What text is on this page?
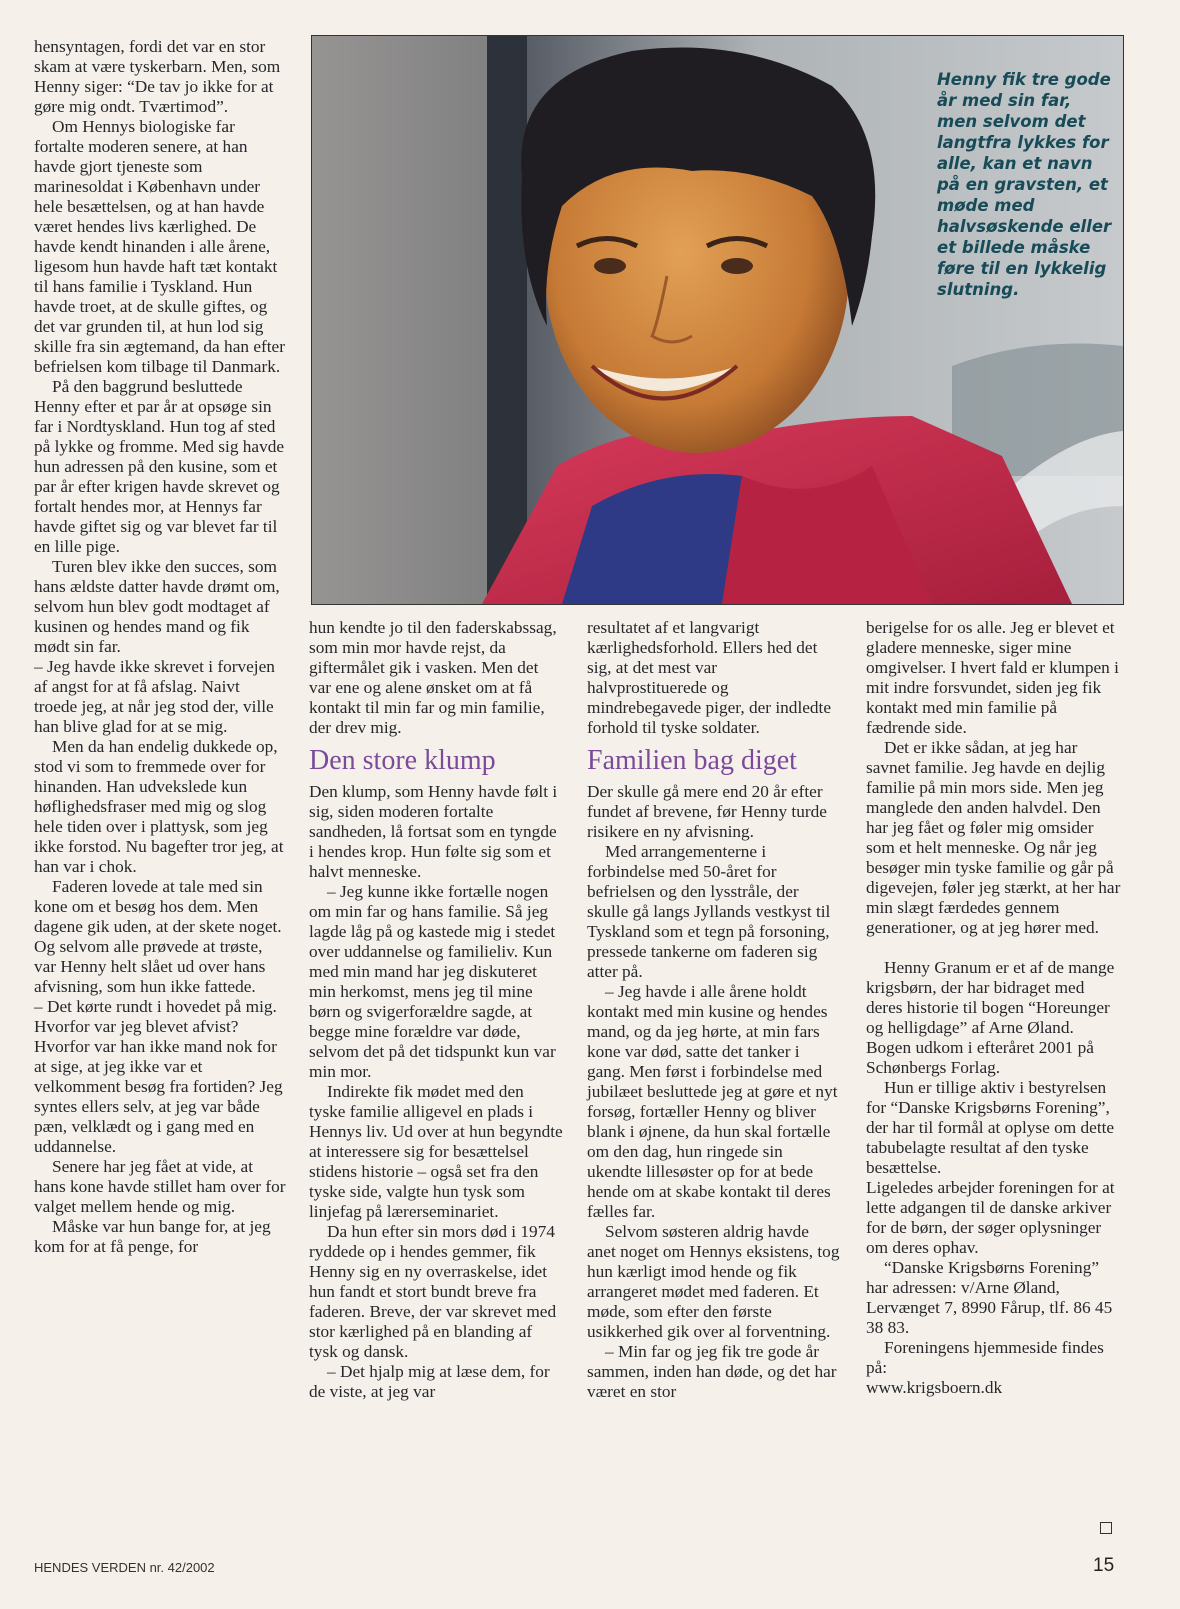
hensyntagen, fordi det var en stor skam at være tyskerbarn. Men, som Henny siger: “De tav jo ikke for at gøre mig ondt. Tværtimod”.

Om Hennys biologiske far fortalte moderen senere, at han havde gjort tjeneste som marinesoldat i København under hele besættelsen, og at han havde været hendes livs kærlighed. De havde kendt hinanden i alle årene, ligesom hun havde haft tæt kontakt til hans familie i Tyskland. Hun havde troet, at de skulle giftes, og det var grunden til, at hun lod sig skille fra sin ægtemand, da han efter befrielsen kom tilbage til Danmark.

På den baggrund besluttede Henny efter et par år at opsøge sin far i Nordtyskland. Hun tog af sted på lykke og fromme. Med sig havde hun adressen på den kusine, som et par år efter krigen havde skrevet og fortalt hendes mor, at Hennys far havde giftet sig og var blevet far til en lille pige.

Turen blev ikke den succes, som hans ældste datter havde drømt om, selvom hun blev godt modtaget af kusinen og hendes mand og fik mødt sin far.

– Jeg havde ikke skrevet i forvejen af angst for at få afslag. Naivt troede jeg, at når jeg stod der, ville han blive glad for at se mig.

Men da han endelig dukkede op, stod vi som to fremmede over for hinanden. Han udvekslede kun høflighedsfraser med mig og slog hele tiden over i plattysk, som jeg ikke forstod. Nu bagefter tror jeg, at han var i chok.

Faderen lovede at tale med sin kone om et besøg hos dem. Men dagene gik uden, at der skete noget. Og selvom alle prøvede at trøste, var Henny helt slået ud over hans afvisning, som hun ikke fattede.

– Det kørte rundt i hovedet på mig. Hvorfor var jeg blevet afvist? Hvorfor var han ikke mand nok for at sige, at jeg ikke var et velkomment besøg fra fortiden? Jeg syntes ellers selv, at jeg var både pæn, velklædt og i gang med en uddannelse.

Senere har jeg fået at vide, at hans kone havde stillet ham over for valget mellem hende og mig.

Måske var hun bange for, at jeg kom for at få penge, for

Henny fik tre gode år med sin far, men selvom det langtfra lykkes for alle, kan et navn på en gravsten, et møde med halvsøskende eller et billede måske føre til en lykkelig slutning.

hun kendte jo til den faderskabssag, som min mor havde rejst, da giftermålet gik i vasken. Men det var ene og alene ønsket om at få kontakt til min far og min familie, der drev mig.

Den store klump

Den klump, som Henny havde følt i sig, siden moderen fortalte sandheden, lå fortsat som en tyngde i hendes krop. Hun følte sig som et halvt menneske.

– Jeg kunne ikke fortælle nogen om min far og hans familie. Så jeg lagde låg på og kastede mig i stedet over uddannelse og familieliv. Kun med min mand har jeg diskuteret min herkomst, mens jeg til mine børn og svigerforældre sagde, at begge mine forældre var døde, selvom det på det tidspunkt kun var min mor.

Indirekte fik mødet med den tyske familie alligevel en plads i Hennys liv. Ud over at hun begyndte at interessere sig for besættelsel stidens historie – også set fra den tyske side, valgte hun tysk som linjefag på lærerseminariet.

Da hun efter sin mors død i 1974 ryddede op i hendes gemmer, fik Henny sig en ny overraskelse, idet hun fandt et stort bundt breve fra faderen. Breve, der var skrevet med stor kærlighed på en blanding af tysk og dansk.

– Det hjalp mig at læse dem, for de viste, at jeg var

resultatet af et langvarigt kærlighedsforhold. Ellers hed det sig, at det mest var halvprostituerede og mindrebegavede piger, der indledte forhold til tyske soldater.

Familien bag diget

Der skulle gå mere end 20 år efter fundet af brevene, før Henny turde risikere en ny afvisning.

Med arrangementerne i forbindelse med 50-året for befrielsen og den lysstråle, der skulle gå langs Jyllands vestkyst til Tyskland som et tegn på forsoning, pressede tankerne om faderen sig atter på.

– Jeg havde i alle årene holdt kontakt med min kusine og hendes mand, og da jeg hørte, at min fars kone var død, satte det tanker i gang. Men først i forbindelse med jubilæet besluttede jeg at gøre et nyt forsøg, fortæller Henny og bliver blank i øjnene, da hun skal fortælle om den dag, hun ringede sin ukendte lillesøster op for at bede hende om at skabe kontakt til deres fælles far.

Selvom søsteren aldrig havde anet noget om Hennys eksistens, tog hun kærligt imod hende og fik arrangeret mødet med faderen. Et møde, som efter den første usikkerhed gik over al forventning.

– Min far og jeg fik tre gode år sammen, inden han døde, og det har været en stor

berigelse for os alle. Jeg er blevet et gladere menneske, siger mine omgivelser. I hvert fald er klumpen i mit indre forsvundet, siden jeg fik kontakt med min familie på fædrende side.

Det er ikke sådan, at jeg har savnet familie. Jeg havde en dejlig familie på min mors side. Men jeg manglede den anden halvdel. Den har jeg fået og føler mig omsider som et helt menneske. Og når jeg besøger min tyske familie og går på digevejen, føler jeg stærkt, at her har min slægt færdedes gennem generationer, og at jeg hører med.

Henny Granum er et af de mange krigsbørn, der har bidraget med deres historie til bogen “Horeunger og helligdage” af Arne Øland. Bogen udkom i efteråret 2001 på Schønbergs Forlag.

Hun er tillige aktiv i bestyrelsen for “Danske Krigsbørns Forening”, der har til formål at oplyse om dette tabubelagte resultat af den tyske besættelse.

Ligeledes arbejder foreningen for at lette adgangen til de danske arkiver for de børn, der søger oplysninger om deres ophav.

“Danske Krigsbørns Forening” har adressen: v/Arne Øland, Lervænget 7, 8990 Fårup, tlf. 86 45 38 83.

Foreningens hjemmeside findes på:

www.krigsboern.dk

HENDES VERDEN nr. 42/2002	15
